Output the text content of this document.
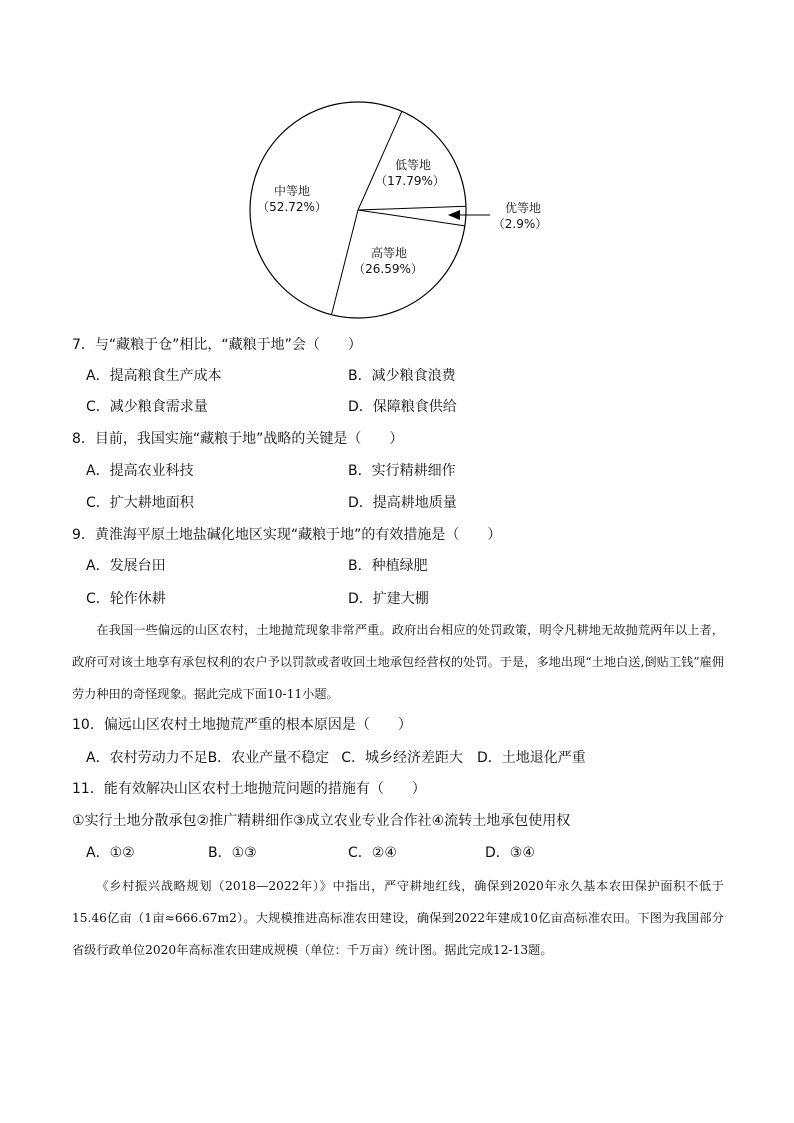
中等地
（52.72%）
低等地
（17.79%）
高等地
（26.59%）
优等地
（2.9%）
7．与“藏粮于仓”相比，“藏粮于地”会（　　）
A．提高粮食生产成本	B．减少粮食浪费
C．减少粮食需求量	D．保障粮食供给
8．目前，我国实施“藏粮于地”战略的关键是（　　）
A．提高农业科技	B．实行精耕细作
C．扩大耕地面积	D．提高耕地质量
9．黄淮海平原土地盐碱化地区实现“藏粮于地”的有效措施是（　　）
A．发展台田	B．种植绿肥
C．轮作休耕	D．扩建大棚
在我国一些偏远的山区农村，土地抛荒现象非常严重。政府出台相应的处罚政策，明令凡耕地无故抛荒两年以上者，政府可对该土地享有承包权利的农户予以罚款或者收回土地承包经营权的处罚。于是，多地出现“土地白送,倒贴工钱”雇佣劳力种田的奇怪现象。据此完成下面10-11小题。
10．偏远山区农村土地抛荒严重的根本原因是（　　）
A．农村劳动力不足B．农业产量不稳定 C．城乡经济差距大 D．土地退化严重
11．能有效解决山区农村土地抛荒问题的措施有（　　）
①实行土地分散承包②推广精耕细作③成立农业专业合作社④流转土地承包使用权
A．①②	B．①③	C．②④	D．③④
《乡村振兴战略规划（2018—2022年）》中指出，严守耕地红线，确保到2020年永久基本农田保护面积不低于15.46亿亩（1亩≈666.67m2）。大规模推进高标准农田建设，确保到2022年建成10亿亩高标准农田。下图为我国部分省级行政单位2020年高标准农田建成规模（单位：千万亩）统计图。据此完成12-13题。
